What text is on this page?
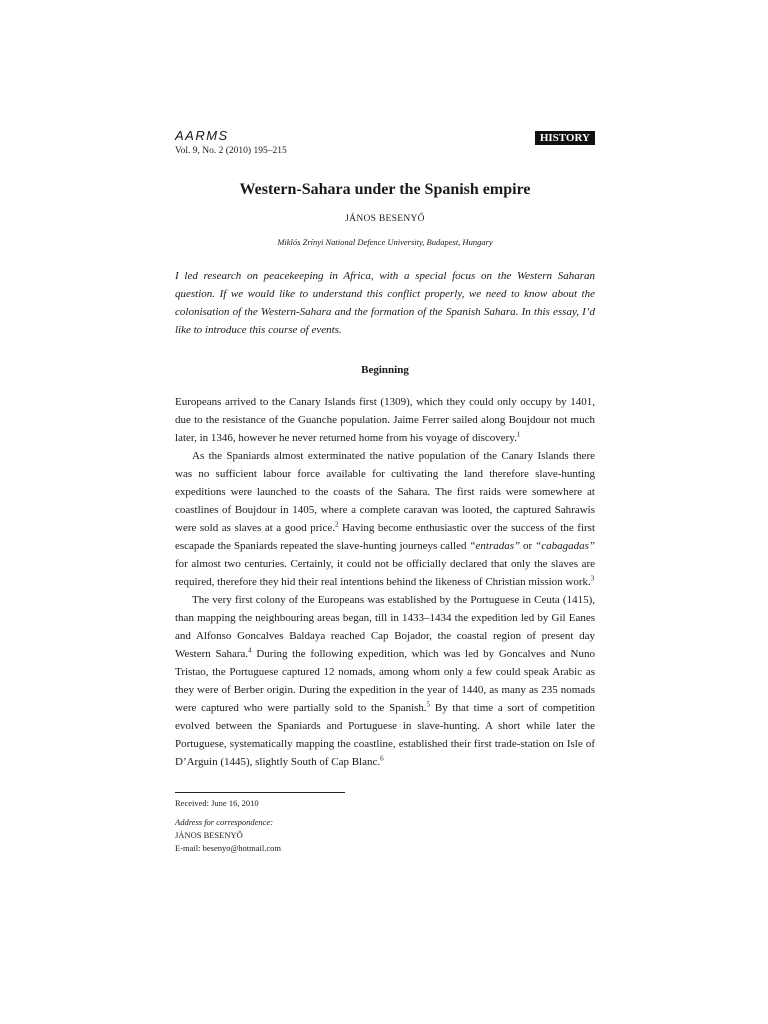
AARMS
Vol. 9, No. 2 (2010) 195–215
HISTORY
Western-Sahara under the Spanish empire
JÁNOS BESENYŐ
Miklós Zrínyi National Defence University, Budapest, Hungary
I led research on peacekeeping in Africa, with a special focus on the Western Saharan question. If we would like to understand this conflict properly, we need to know about the colonisation of the Western-Sahara and the formation of the Spanish Sahara. In this essay, I’d like to introduce this course of events.
Beginning

Europeans arrived to the Canary Islands first (1309), which they could only occupy by 1401, due to the resistance of the Guanche population. Jaime Ferrer sailed along Boujdour not much later, in 1346, however he never returned home from his voyage of discovery.$^1$

As the Spaniards almost exterminated the native population of the Canary Islands there was no sufficient labour force available for cultivating the land therefore slave-hunting expeditions were launched to the coasts of the Sahara. The first raids were somewhere at coastlines of Boujdour in 1405, where a complete caravan was looted, the captured Sahrawis were sold as slaves at a good price.$^2$ Having become enthusiastic over the success of the first escapade the Spaniards repeated the slave-hunting journeys called “entradas” or “cabagadas” for almost two centuries. Certainly, it could not be officially declared that only the slaves are required, therefore they hid their real intentions behind the likeness of Christian mission work.$^3$

The very first colony of the Europeans was established by the Portuguese in Ceuta (1415), than mapping the neighbouring areas began, till in 1433–1434 the expedition led by Gil Eanes and Alfonso Goncalves Baldaya reached Cap Bojador, the coastal region of present day Western Sahara.$^4$ During the following expedition, which was led by Goncalves and Nuno Tristao, the Portuguese captured 12 nomads, among whom only a few could speak Arabic as they were of Berber origin. During the expedition in the year of 1440, as many as 235 nomads were captured who were partially sold to the Spanish.$^5$ By that time a sort of competition evolved between the Spaniards and Portuguese in slave-hunting. A short while later the Portuguese, systematically mapping the coastline, established their first trade-station on Isle of D’Arguin (1445), slightly South of Cap Blanc.$^6$

Received: June 16, 2010
Address for correspondence:
JÁNOS BESENYŐ
E-mail: besenyo@hotmail.com
